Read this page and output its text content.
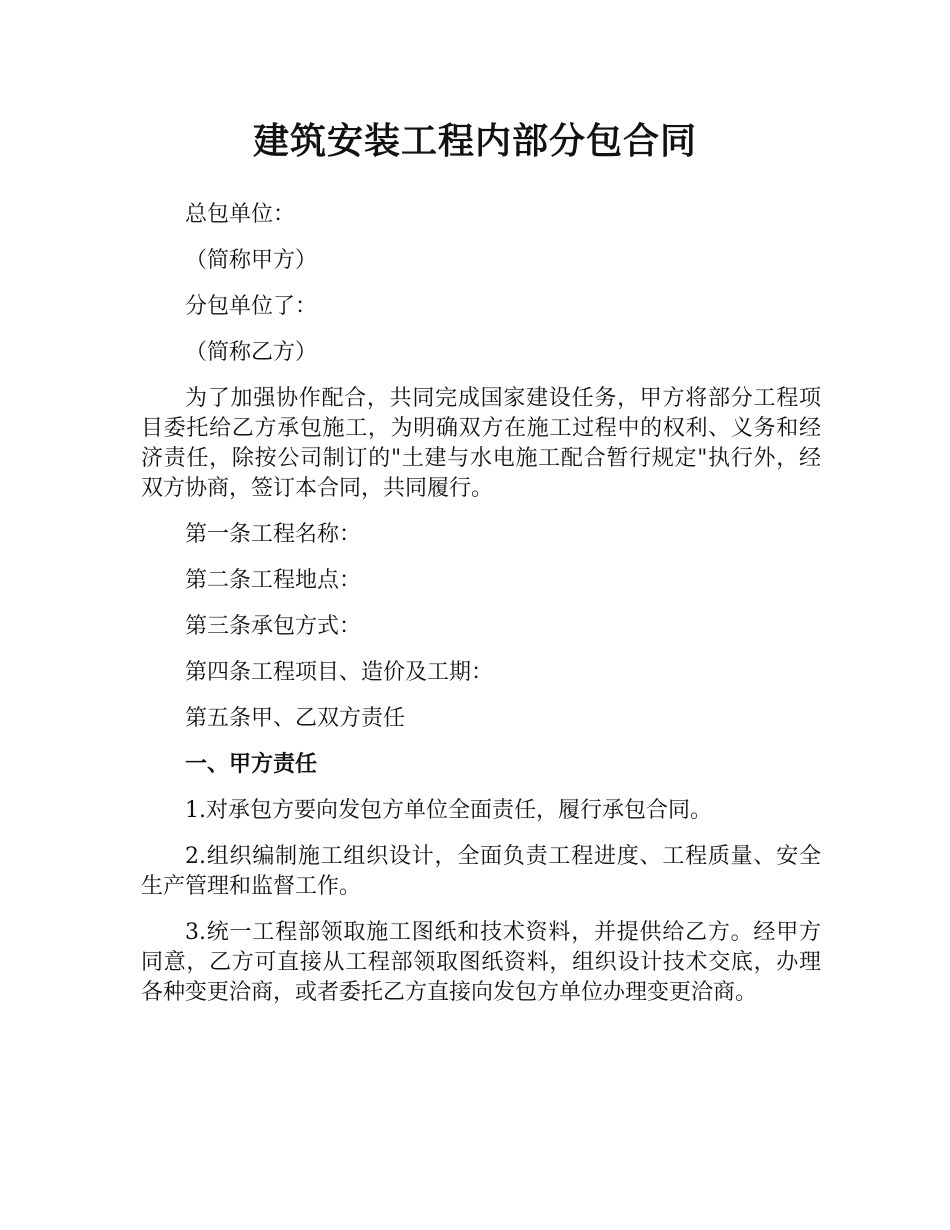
建筑安装工程内部分包合同

总包单位：

（简称甲方）

分包单位了：

（简称乙方）

为了加强协作配合，共同完成国家建设任务，甲方将部分工程项目委托给乙方承包施工，为明确双方在施工过程中的权利、义务和经济责任，除按公司制订的"土建与水电施工配合暂行规定"执行外，经双方协商，签订本合同，共同履行。

第一条工程名称：

第二条工程地点：

第三条承包方式：

第四条工程项目、造价及工期：

第五条甲、乙双方责任

一、甲方责任

1.对承包方要向发包方单位全面责任，履行承包合同。

2.组织编制施工组织设计，全面负责工程进度、工程质量、安全生产管理和监督工作。

3.统一工程部领取施工图纸和技术资料，并提供给乙方。经甲方同意，乙方可直接从工程部领取图纸资料，组织设计技术交底，办理各种变更洽商，或者委托乙方直接向发包方单位办理变更洽商。
